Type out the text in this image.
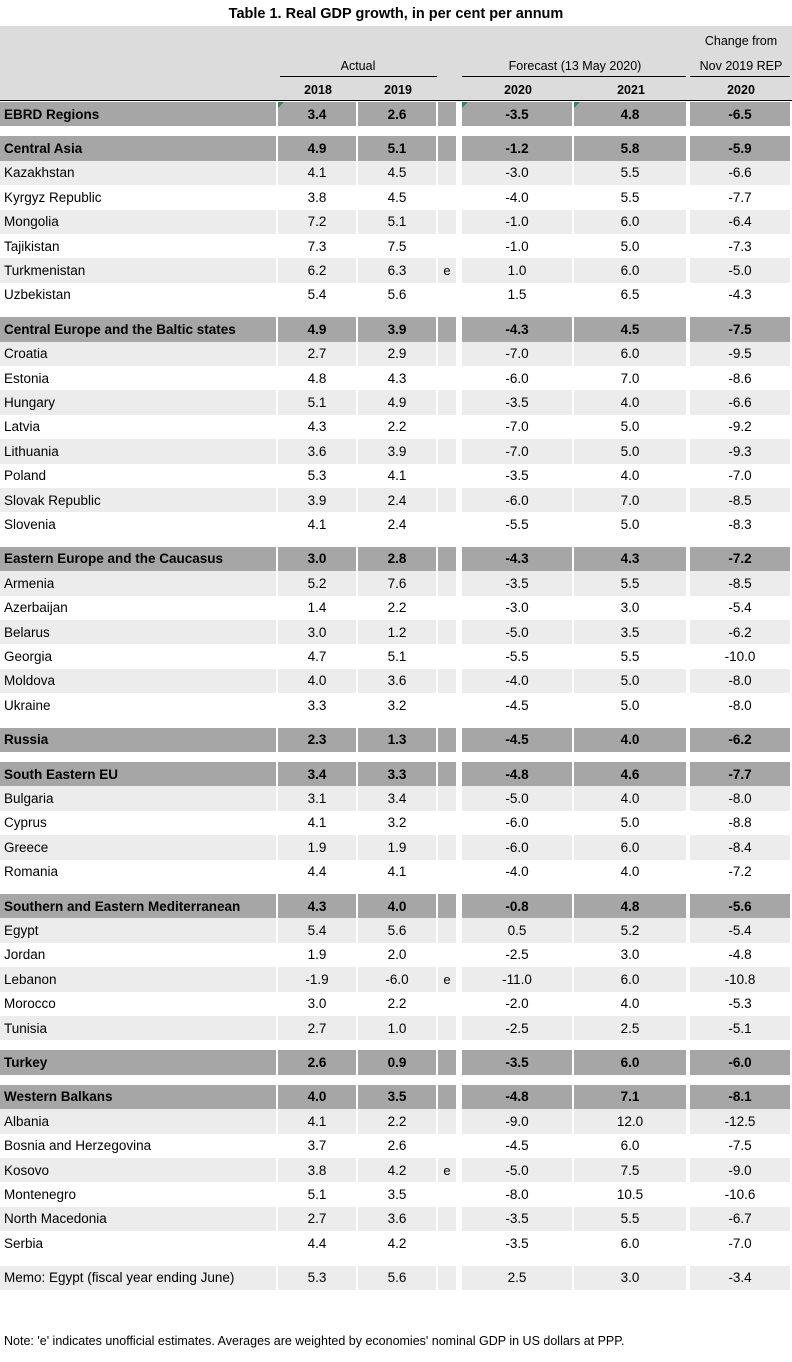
Table 1. Real GDP growth, in per cent per annum
Actual	Forecast (13 May 2020)
Change from
Nov 2019 REP
2018	2019	2020	2021	2020
EBRD Regions	3.4	2.6	-3.5	4.8	-6.5
Central Asia	4.9	5.1	-1.2	5.8	-5.9
Kazakhstan	4.1	4.5	-3.0	5.5	-6.6
Kyrgyz Republic	3.8	4.5	-4.0	5.5	-7.7
Mongolia	7.2	5.1	-1.0	6.0	-6.4
Tajikistan	7.3	7.5	-1.0	5.0	-7.3
Turkmenistan	6.2	6.3	e	1.0	6.0	-5.0
Uzbekistan	5.4	5.6	1.5	6.5	-4.3
Central Europe and the Baltic states	4.9	3.9	-4.3	4.5	-7.5
Croatia	2.7	2.9	-7.0	6.0	-9.5
Estonia	4.8	4.3	-6.0	7.0	-8.6
Hungary	5.1	4.9	-3.5	4.0	-6.6
Latvia	4.3	2.2	-7.0	5.0	-9.2
Lithuania	3.6	3.9	-7.0	5.0	-9.3
Poland	5.3	4.1	-3.5	4.0	-7.0
Slovak Republic	3.9	2.4	-6.0	7.0	-8.5
Slovenia	4.1	2.4	-5.5	5.0	-8.3
Eastern Europe and the Caucasus	3.0	2.8	-4.3	4.3	-7.2
Armenia	5.2	7.6	-3.5	5.5	-8.5
Azerbaijan	1.4	2.2	-3.0	3.0	-5.4
Belarus	3.0	1.2	-5.0	3.5	-6.2
Georgia	4.7	5.1	-5.5	5.5	-10.0
Moldova	4.0	3.6	-4.0	5.0	-8.0
Ukraine	3.3	3.2	-4.5	5.0	-8.0
Russia	2.3	1.3	-4.5	4.0	-6.2
South Eastern EU	3.4	3.3	-4.8	4.6	-7.7
Bulgaria	3.1	3.4	-5.0	4.0	-8.0
Cyprus	4.1	3.2	-6.0	5.0	-8.8
Greece	1.9	1.9	-6.0	6.0	-8.4
Romania	4.4	4.1	-4.0	4.0	-7.2
Southern and Eastern Mediterranean	4.3	4.0	-0.8	4.8	-5.6
Egypt	5.4	5.6	0.5	5.2	-5.4
Jordan	1.9	2.0	-2.5	3.0	-4.8
Lebanon	-1.9	-6.0	e	-11.0	6.0	-10.8
Morocco	3.0	2.2	-2.0	4.0	-5.3
Tunisia	2.7	1.0	-2.5	2.5	-5.1
Turkey	2.6	0.9	-3.5	6.0	-6.0
Western Balkans	4.0	3.5	-4.8	7.1	-8.1
Albania	4.1	2.2	-9.0	12.0	-12.5
Bosnia and Herzegovina	3.7	2.6	-4.5	6.0	-7.5
Kosovo	3.8	4.2	e	-5.0	7.5	-9.0
Montenegro	5.1	3.5	-8.0	10.5	-10.6
North Macedonia	2.7	3.6	-3.5	5.5	-6.7
Serbia	4.4	4.2	-3.5	6.0	-7.0
Memo: Egypt (fiscal year ending June)	5.3	5.6	2.5	3.0	-3.4
Note: 'e' indicates unofficial estimates. Averages are weighted by economies' nominal GDP in US dollars at PPP.
